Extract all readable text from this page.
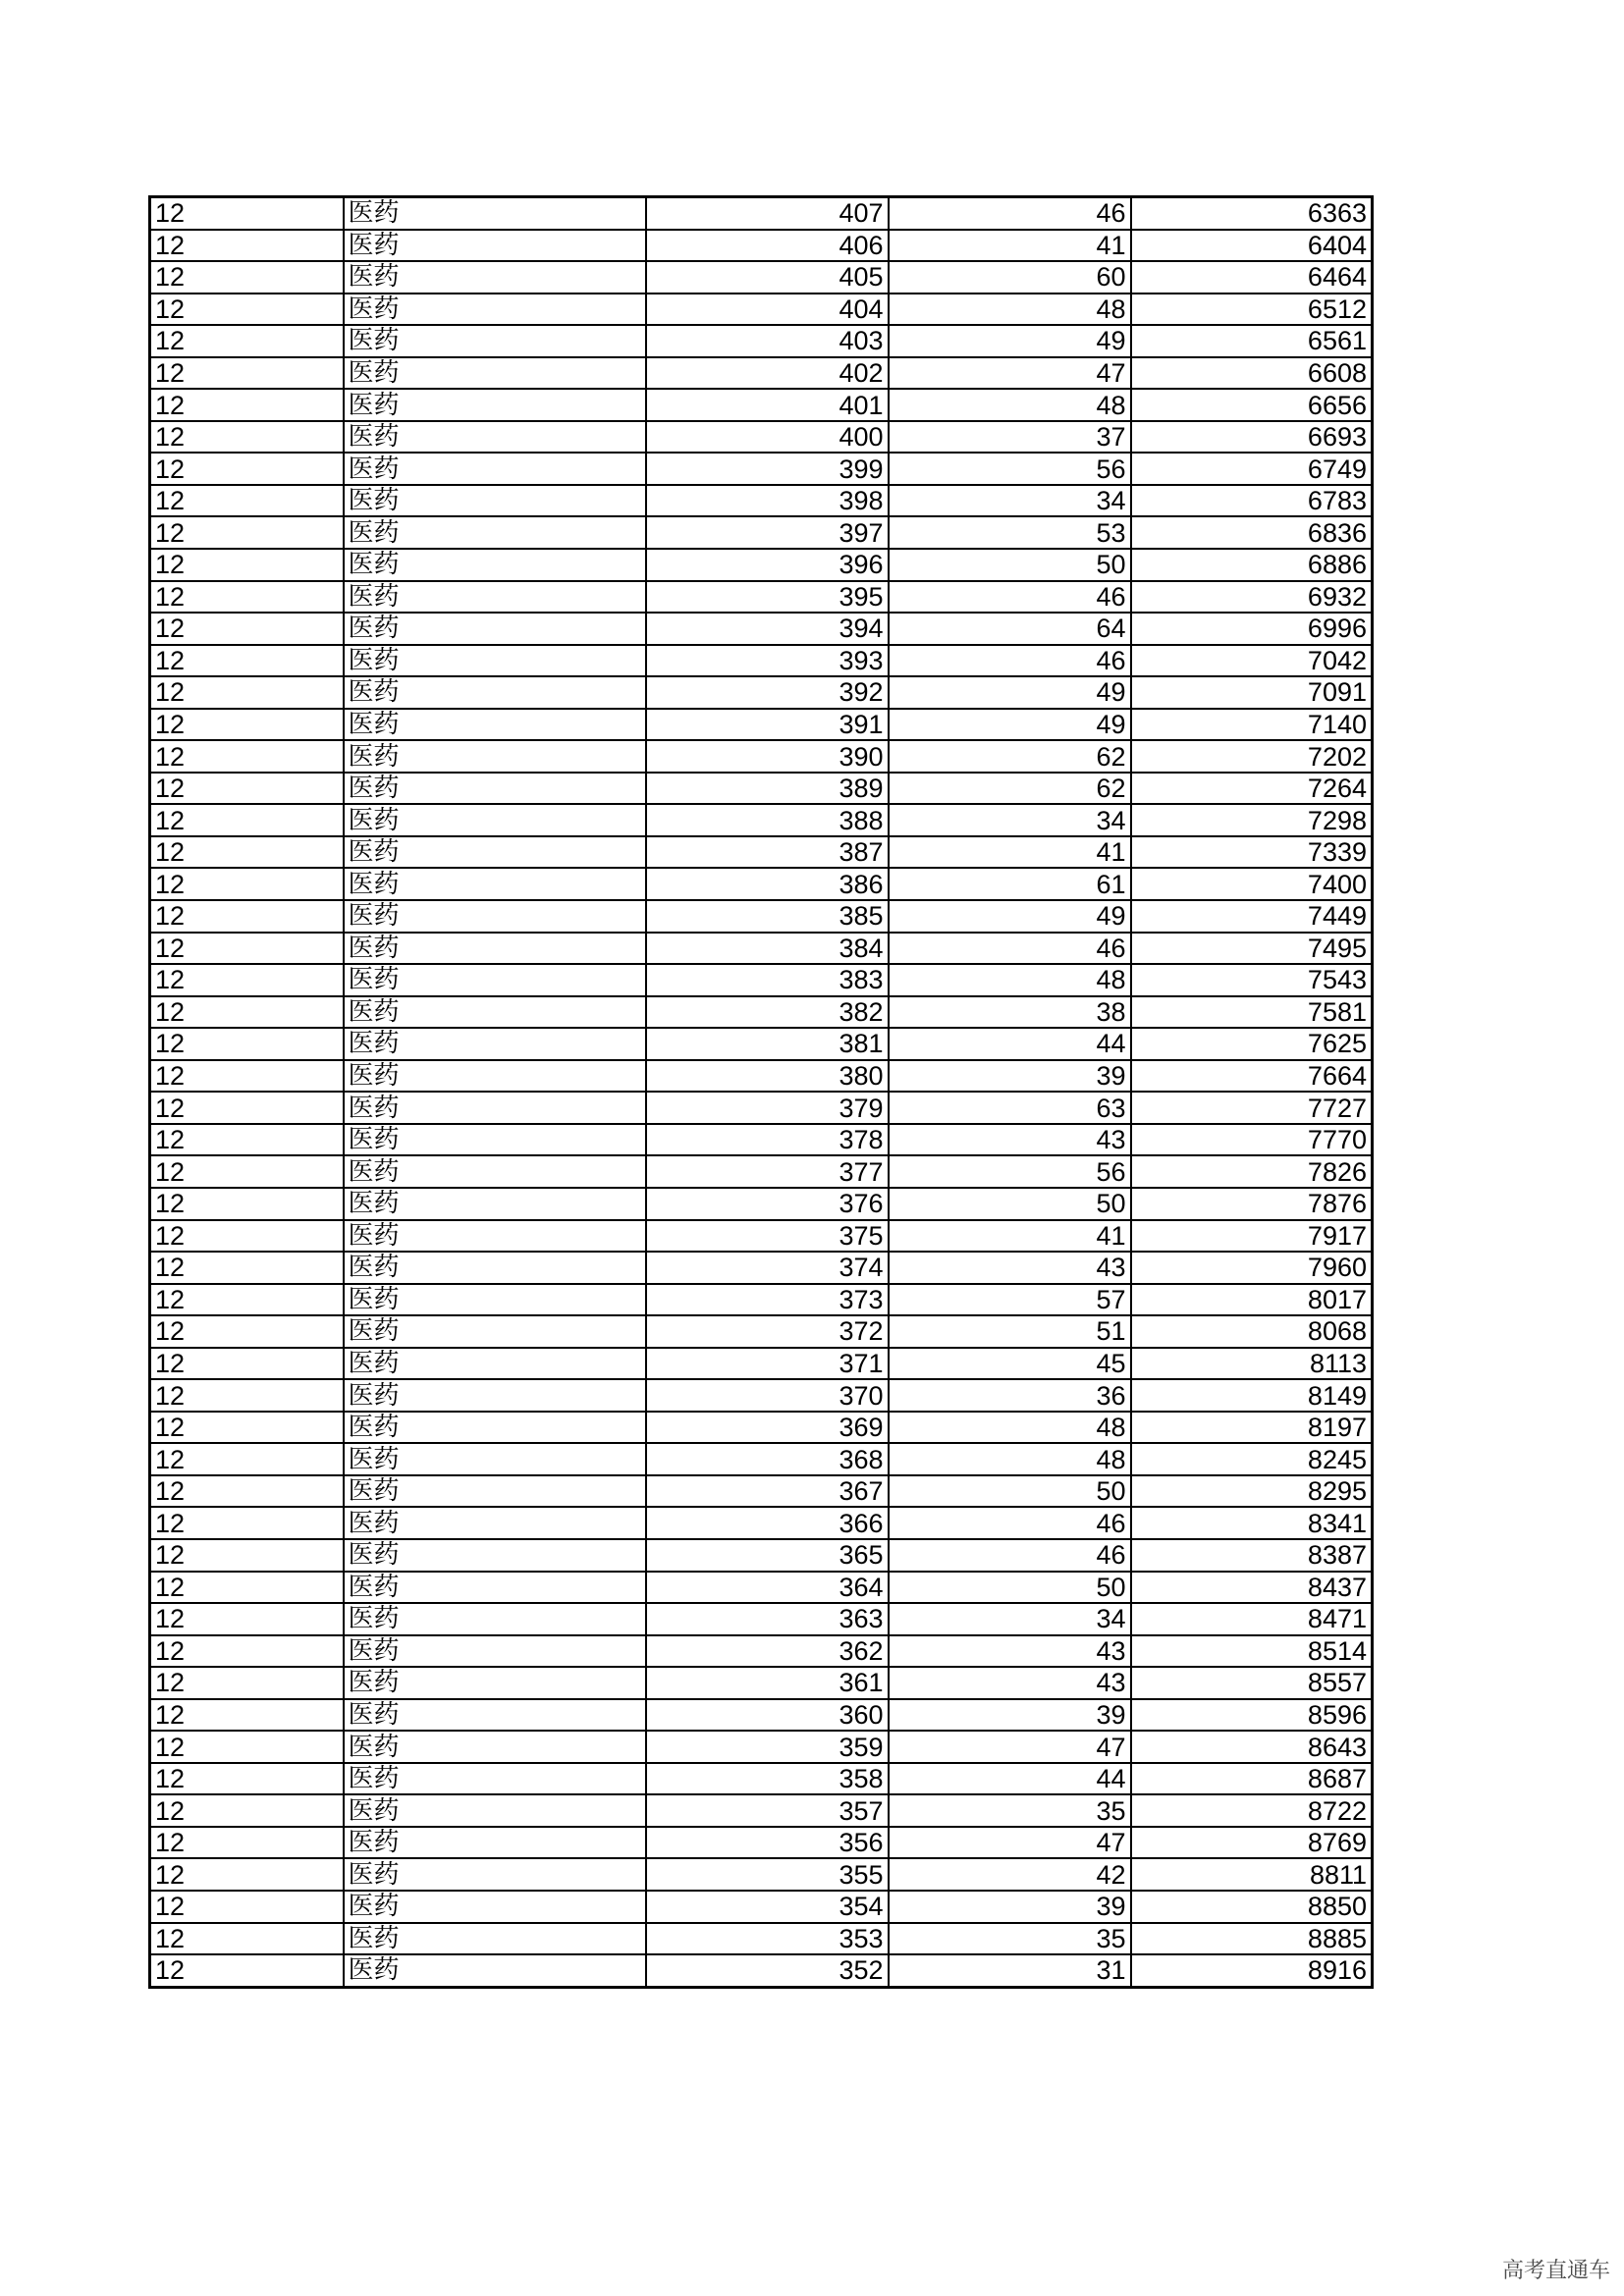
12	医药	407	46	6363
12	医药	406	41	6404
12	医药	405	60	6464
12	医药	404	48	6512
12	医药	403	49	6561
12	医药	402	47	6608
12	医药	401	48	6656
12	医药	400	37	6693
12	医药	399	56	6749
12	医药	398	34	6783
12	医药	397	53	6836
12	医药	396	50	6886
12	医药	395	46	6932
12	医药	394	64	6996
12	医药	393	46	7042
12	医药	392	49	7091
12	医药	391	49	7140
12	医药	390	62	7202
12	医药	389	62	7264
12	医药	388	34	7298
12	医药	387	41	7339
12	医药	386	61	7400
12	医药	385	49	7449
12	医药	384	46	7495
12	医药	383	48	7543
12	医药	382	38	7581
12	医药	381	44	7625
12	医药	380	39	7664
12	医药	379	63	7727
12	医药	378	43	7770
12	医药	377	56	7826
12	医药	376	50	7876
12	医药	375	41	7917
12	医药	374	43	7960
12	医药	373	57	8017
12	医药	372	51	8068
12	医药	371	45	8113
12	医药	370	36	8149
12	医药	369	48	8197
12	医药	368	48	8245
12	医药	367	50	8295
12	医药	366	46	8341
12	医药	365	46	8387
12	医药	364	50	8437
12	医药	363	34	8471
12	医药	362	43	8514
12	医药	361	43	8557
12	医药	360	39	8596
12	医药	359	47	8643
12	医药	358	44	8687
12	医药	357	35	8722
12	医药	356	47	8769
12	医药	355	42	8811
12	医药	354	39	8850
12	医药	353	35	8885
12	医药	352	31	8916
高考直通车
